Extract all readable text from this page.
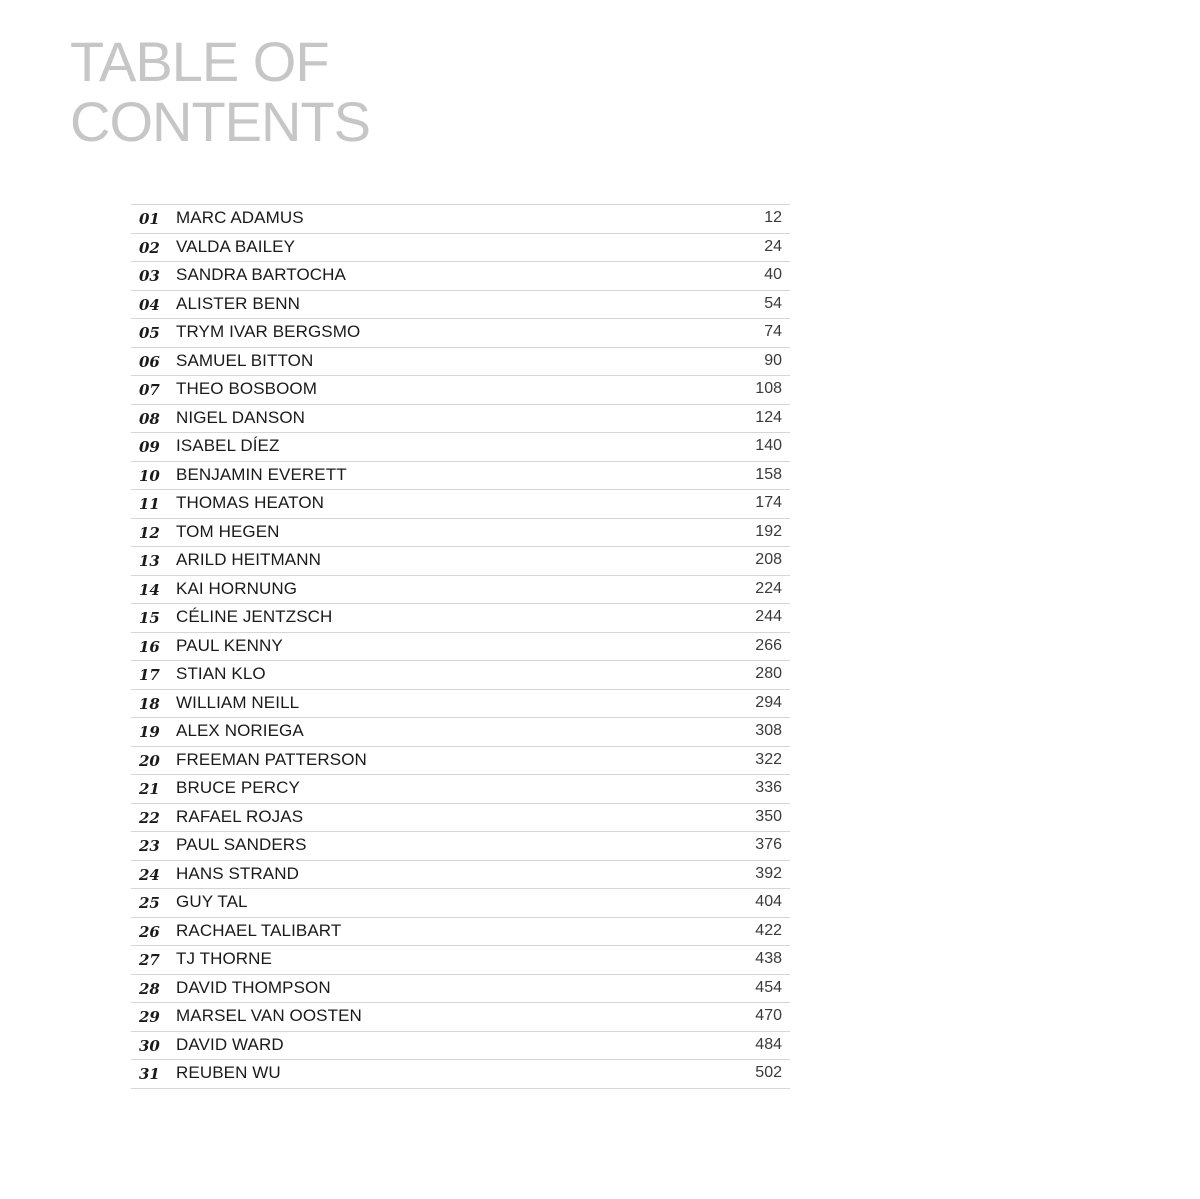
TABLE OF
CONTENTS
01 MARC ADAMUS	12
02 VALDA BAILEY	24
03 SANDRA BARTOCHA	40
04 ALISTER BENN	54
05 TRYM IVAR BERGSMO	74
06 SAMUEL BITTON	90
07 THEO BOSBOOM	108
08 NIGEL DANSON	124
09 ISABEL DÍEZ	140
10 BENJAMIN EVERETT	158
11 THOMAS HEATON	174
12 TOM HEGEN	192
13 ARILD HEITMANN	208
14 KAI HORNUNG	224
15 CÉLINE JENTZSCH	244
16 PAUL KENNY	266
17 STIAN KLO	280
18 WILLIAM NEILL	294
19 ALEX NORIEGA	308
20 FREEMAN PATTERSON	322
21 BRUCE PERCY	336
22 RAFAEL ROJAS	350
23 PAUL SANDERS	376
24 HANS STRAND	392
25 GUY TAL	404
26 RACHAEL TALIBART	422
27 TJ THORNE	438
28 DAVID THOMPSON	454
29 MARSEL VAN OOSTEN	470
30 DAVID WARD	484
31 REUBEN WU	502
